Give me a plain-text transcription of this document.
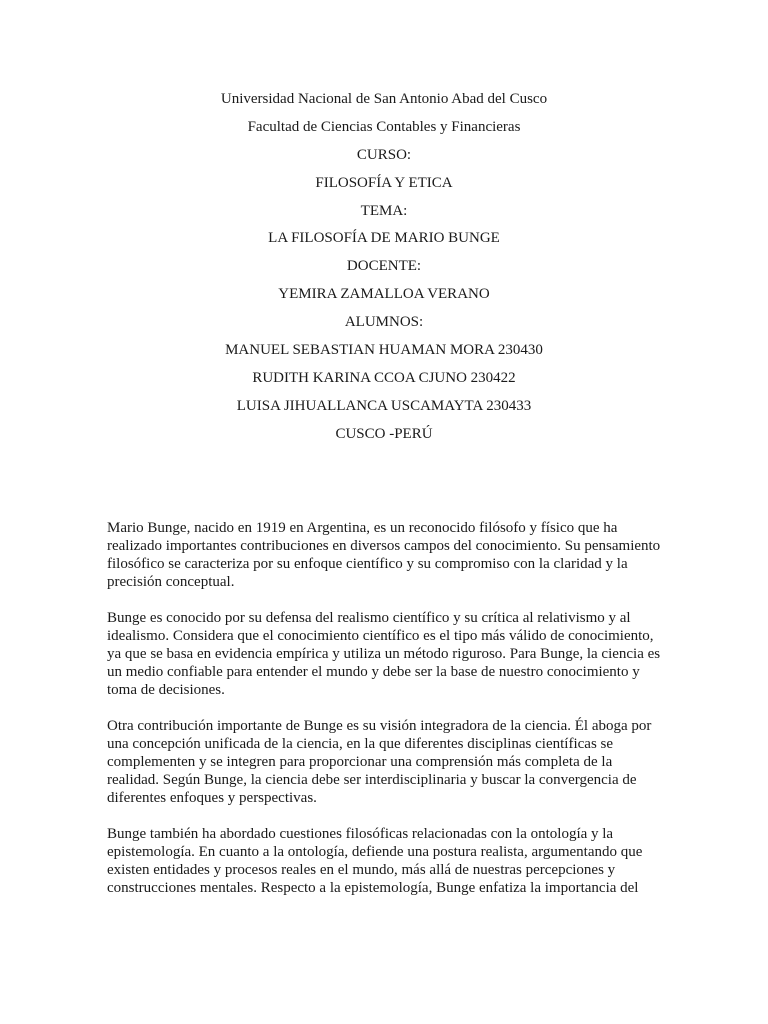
Universidad Nacional de San Antonio Abad del Cusco
Facultad de Ciencias Contables y Financieras
CURSO:
FILOSOFÍA Y ETICA
TEMA:
LA FILOSOFÍA DE MARIO BUNGE
DOCENTE:
YEMIRA ZAMALLOA VERANO
ALUMNOS:
MANUEL SEBASTIAN HUAMAN MORA 230430
RUDITH KARINA CCOA CJUNO 230422
LUISA JIHUALLANCA USCAMAYTA 230433
CUSCO -PERÚ

Mario Bunge, nacido en 1919 en Argentina, es un reconocido filósofo y físico que ha realizado importantes contribuciones en diversos campos del conocimiento. Su pensamiento filosófico se caracteriza por su enfoque científico y su compromiso con la claridad y la precisión conceptual.

Bunge es conocido por su defensa del realismo científico y su crítica al relativismo y al idealismo. Considera que el conocimiento científico es el tipo más válido de conocimiento, ya que se basa en evidencia empírica y utiliza un método riguroso. Para Bunge, la ciencia es un medio confiable para entender el mundo y debe ser la base de nuestro conocimiento y toma de decisiones.

Otra contribución importante de Bunge es su visión integradora de la ciencia. Él aboga por una concepción unificada de la ciencia, en la que diferentes disciplinas científicas se complementen y se integren para proporcionar una comprensión más completa de la realidad. Según Bunge, la ciencia debe ser interdisciplinaria y buscar la convergencia de diferentes enfoques y perspectivas.

Bunge también ha abordado cuestiones filosóficas relacionadas con la ontología y la epistemología. En cuanto a la ontología, defiende una postura realista, argumentando que existen entidades y procesos reales en el mundo, más allá de nuestras percepciones y construcciones mentales. Respecto a la epistemología, Bunge enfatiza la importancia del
